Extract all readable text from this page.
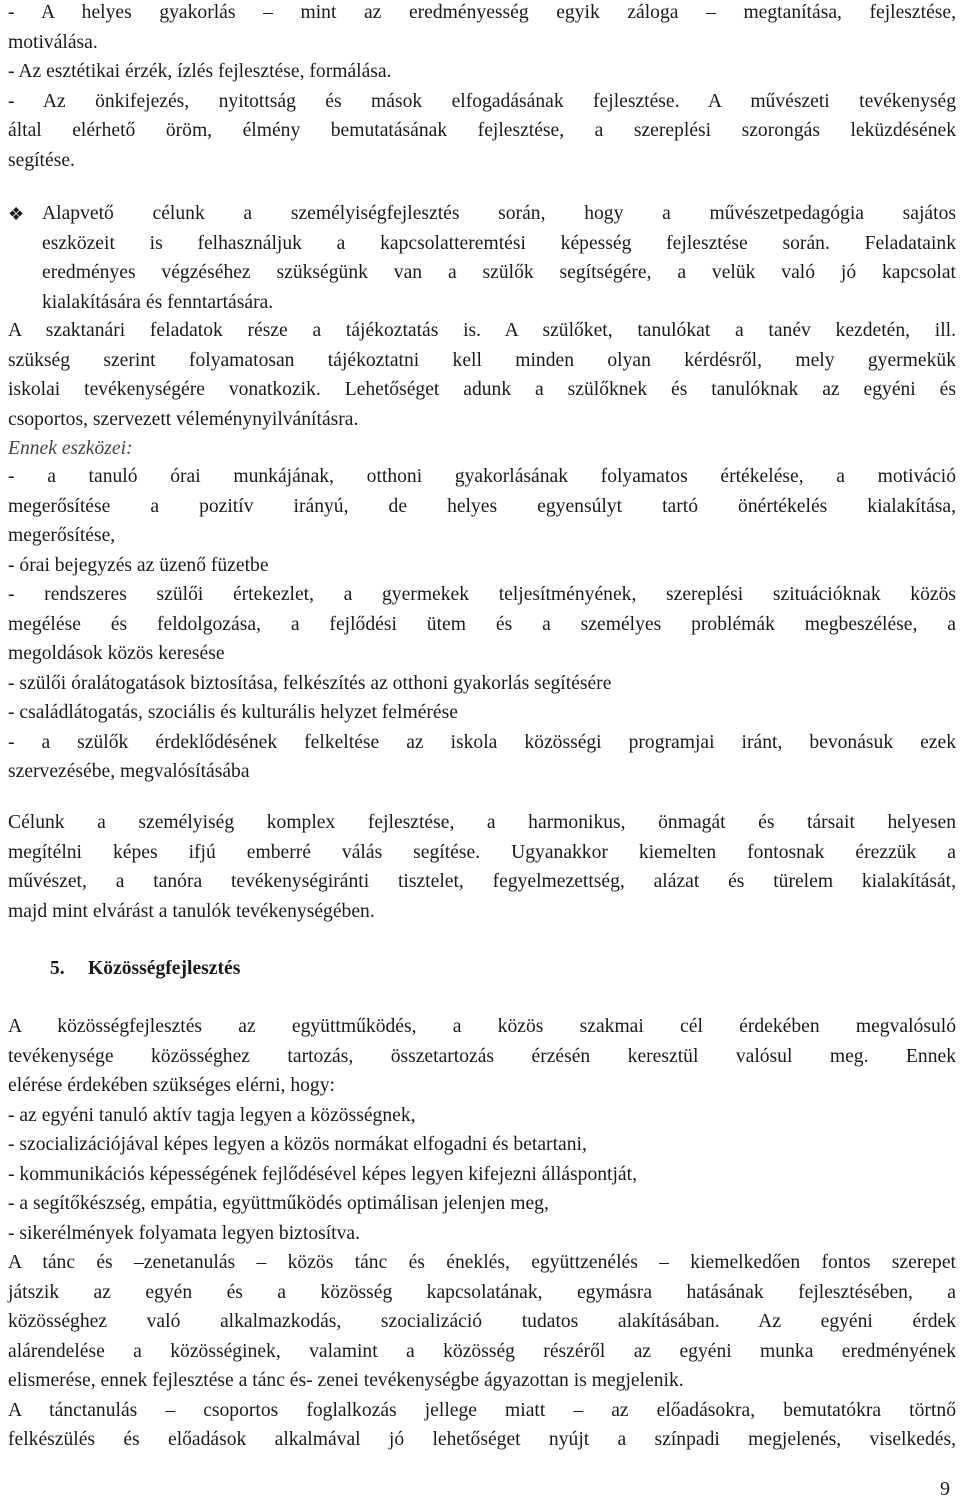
- A helyes gyakorlás – mint az eredményesség egyik záloga – megtanítása, fejlesztése,
motiválása.
- Az esztétikai érzék, ízlés fejlesztése, formálása.
- Az önkifejezés, nyitottság és mások elfogadásának fejlesztése. A művészeti tevékenység
által elérhető öröm, élmény bemutatásának fejlesztése, a szereplési szorongás leküzdésének
segítése.
❖ Alapvető célunk a személyiségfejlesztés során, hogy a művészetpedagógia sajátos
eszközeit is felhasználjuk a kapcsolatteremtési képesség fejlesztése során. Feladataink
eredményes végzéséhez szükségünk van a szülők segítségére, a velük való jó kapcsolat
kialakítására és fenntartására.
A szaktanári feladatok része a tájékoztatás is. A szülőket, tanulókat a tanév kezdetén, ill.
szükség szerint folyamatosan tájékoztatni kell minden olyan kérdésről, mely gyermekük
iskolai tevékenységére vonatkozik. Lehetőséget adunk a szülőknek és tanulóknak az egyéni és
csoportos, szervezett véleménynyilvánításra.
Ennek eszközei:
- a tanuló órai munkájának, otthoni gyakorlásának folyamatos értékelése, a motiváció
megerősítése a pozitív irányú, de helyes egyensúlyt tartó önértékelés kialakítása,
megerősítése,
- órai bejegyzés az üzenő füzetbe
- rendszeres szülői értekezlet, a gyermekek teljesítményének, szereplési szituációknak közös
megélése és feldolgozása, a fejlődési ütem és a személyes problémák megbeszélése, a
megoldások közös keresése
- szülői óralátogatások biztosítása, felkészítés az otthoni gyakorlás segítésére
- családlátogatás, szociális és kulturális helyzet felmérése
- a szülők érdeklődésének felkeltése az iskola közösségi programjai iránt, bevonásuk ezek
szervezésébe, megvalósításába
Célunk a személyiség komplex fejlesztése, a harmonikus, önmagát és társait helyesen
megítélni képes ifjú emberré válás segítése. Ugyanakkor kiemelten fontosnak érezzük a
művészet, a tanóra tevékenységiránti tisztelet, fegyelmezettség, alázat és türelem kialakítását,
majd mint elvárást a tanulók tevékenységében.
5. Közösségfejlesztés
A közösségfejlesztés az együttműködés, a közös szakmai cél érdekében megvalósuló
tevékenysége közösséghez tartozás, összetartozás érzésén keresztül valósul meg. Ennek
elérése érdekében szükséges elérni, hogy:
- az egyéni tanuló aktív tagja legyen a közösségnek,
- szocializációjával képes legyen a közös normákat elfogadni és betartani,
- kommunikációs képességének fejlődésével képes legyen kifejezni álláspontját,
- a segítőkészség, empátia, együttműködés optimálisan jelenjen meg,
- sikerélmények folyamata legyen biztosítva.
A tánc és –zenetanulás – közös tánc és éneklés, együttzenélés – kiemelkedően fontos szerepet
játszik az egyén és a közösség kapcsolatának, egymásra hatásának fejlesztésében, a
közösséghez való alkalmazkodás, szocializáció tudatos alakításában. Az egyéni érdek
alárendelése a közösséginek, valamint a közösség részéről az egyéni munka eredményének
elismerése, ennek fejlesztése a tánc és- zenei tevékenységbe ágyazottan is megjelenik.
A tánctanulás – csoportos foglalkozás jellege miatt – az előadásokra, bemutatókra törtnő
felkészülés és előadások alkalmával jó lehetőséget nyújt a színpadi megjelenés, viselkedés,
9
